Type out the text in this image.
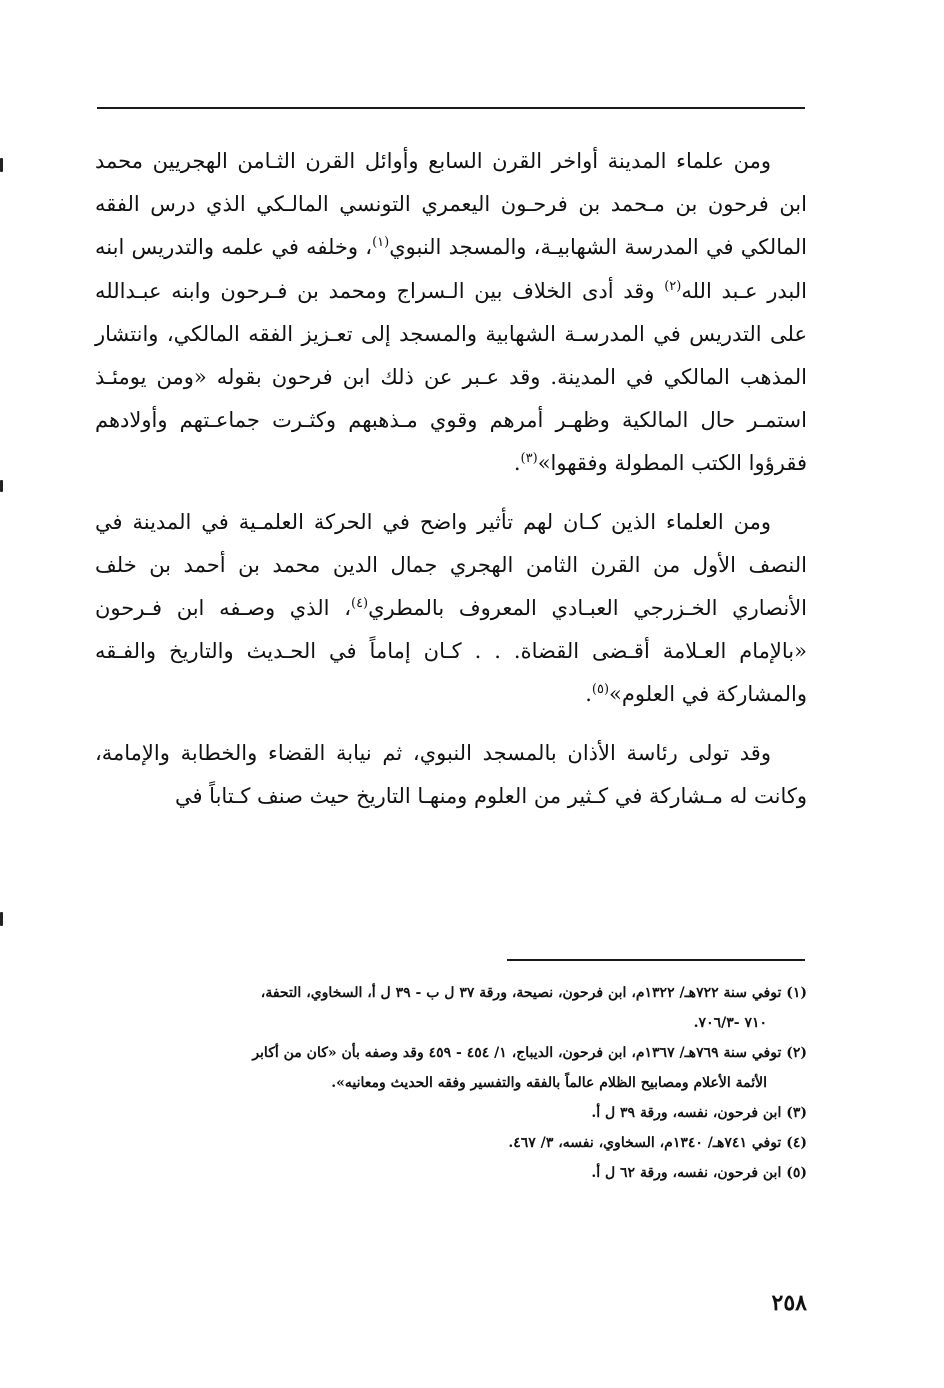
ومن علماء المدينة أواخر القرن السابع وأوائل القرن الثـامن الهجريين محمد ابن فرحون بن مـحمد بن فرحـون اليعمري التونسي المالـكي الذي درس الفقه المالكي في المدرسة الشهابيـة، والمسجد النبوي$^{(١)}$، وخلفه في علمه والتدريس ابنه البدر عـبد الله$^{(٢)}$ وقد أدى الخلاف بين الـسراج ومحمد بن فـرحون وابنه عبـدالله على التدريس في المدرسـة الشهابية والمسجد إلى تعـزيز الفقه المالكي، وانتشار المذهب المالكي في المدينة. وقد عـبر عن ذلك ابن فرحون بقوله «ومن يومئـذ استمـر حال المالكية وظهـر أمرهم وقوي مـذهبهم وكثـرت جماعـتهم وأولادهم فقرؤوا الكتب المطولة وفقهوا»$^{(٣)}$.

ومن العلماء الذين كـان لهم تأثير واضح في الحركة العلمـية في المدينة في النصف الأول من القرن الثامن الهجري جمال الدين محمد بن أحمد بن خلف الأنصاري الخـزرجي العبـادي المعروف بالمطري$^{(٤)}$، الذي وصـفه ابن فـرحون «بالإمام العـلامة أقـضى القضاة. . . كـان إماماً في الحـديث والتاريخ والفـقه والمشاركة في العلوم»$^{(٥)}$.

وقد تولى رئاسة الأذان بالمسجد النبوي، ثم نيابة القضاء والخطابة والإمامة، وكانت له مـشاركة في كـثير من العلوم ومنهـا التاريخ حيث صنف كـتاباً في

(١) توفي سنة ٧٢٢هـ/ ١٣٢٢م، ابن فرحون، نصيحة، ورقة ٣٧ ل ب - ٣٩ ل أ، السخاوي، التحفة،

٧١٠ -٧٠٦/٣.

(٢) توفي سنة ٧٦٩هـ/ ١٣٦٧م، ابن فرحون، الديباج، ١/ ٤٥٤ - ٤٥٩ وقد وصفه بأن «كان من أكابر

الأئمة الأعلام ومصابيح الظلام عالماً بالفقه والتفسير وفقه الحديث ومعانيه».

(٣) ابن فرحون، نفسه، ورقة ٣٩ ل أ.

(٤) توفي ٧٤١هـ/ ١٣٤٠م، السخاوي، نفسه، ٣/ ٤٦٧.

(٥) ابن فرحون، نفسه، ورقة ٦٢ ل أ.

٢٥٨
